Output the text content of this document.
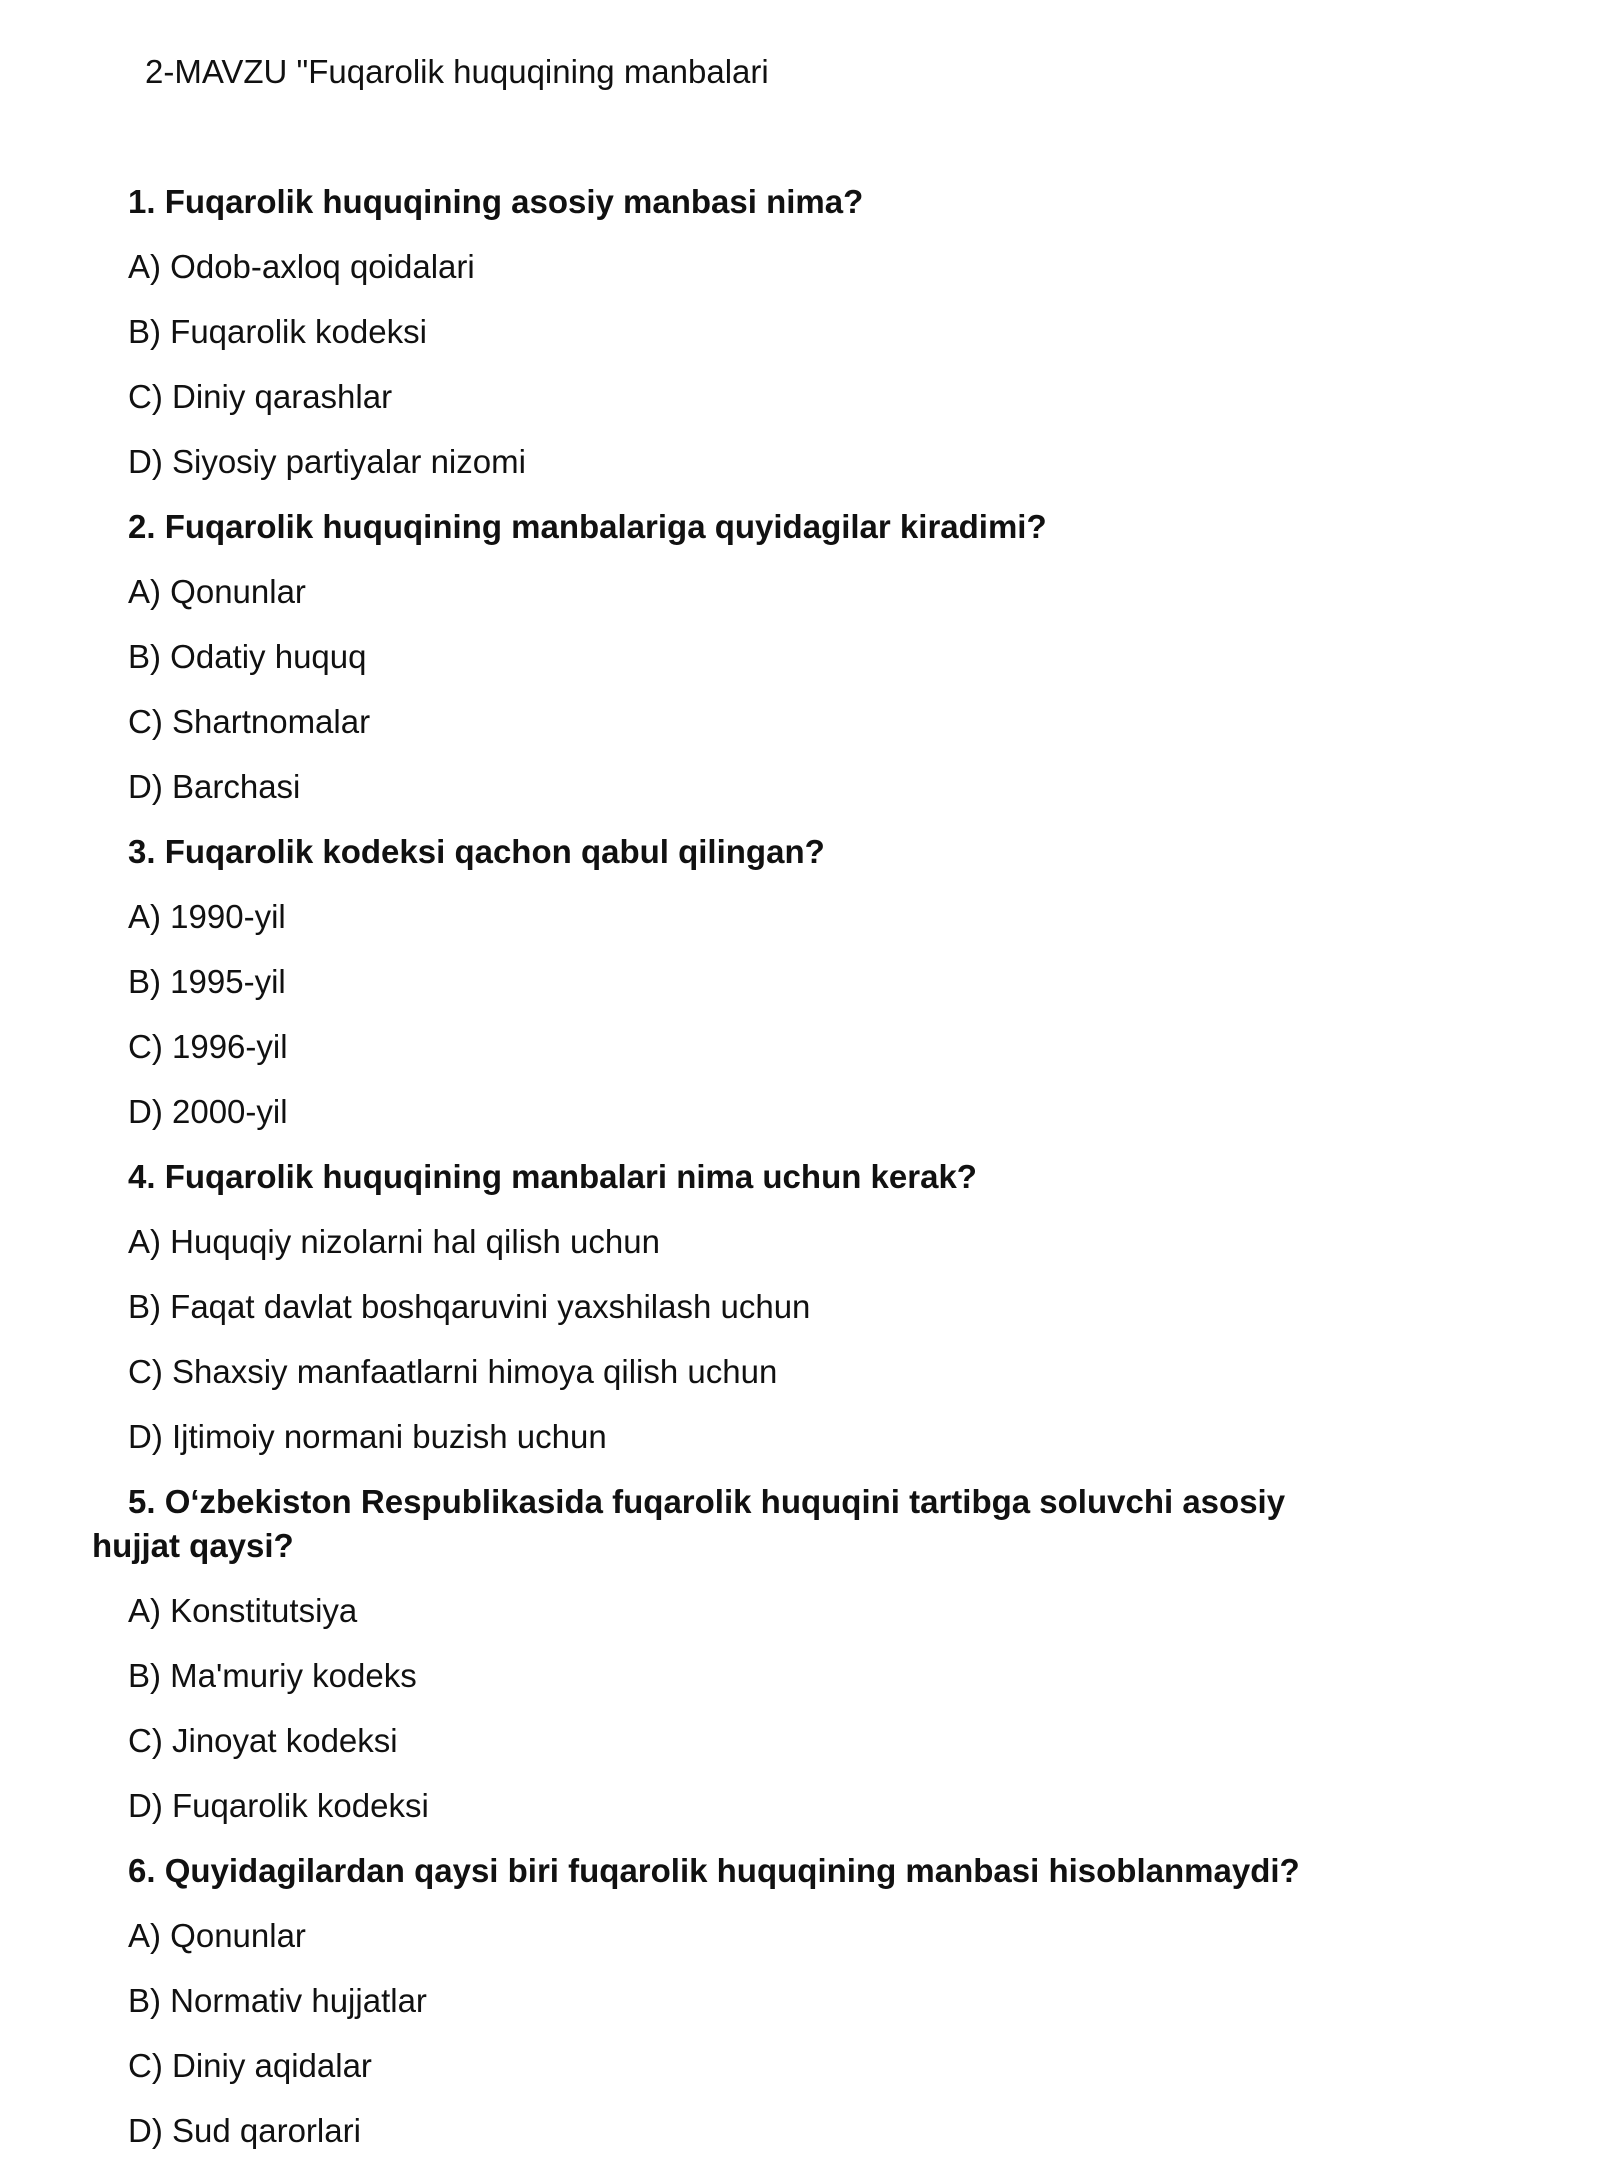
2-MAVZU "Fuqarolik huquqining manbalari

1. Fuqarolik huquqining asosiy manbasi nima?

A) Odob-axloq qoidalari
B) Fuqarolik kodeksi
C) Diniy qarashlar
D) Siyosiy partiyalar nizomi

2. Fuqarolik huquqining manbalariga quyidagilar kiradimi?

A) Qonunlar
B) Odatiy huquq
C) Shartnomalar
D) Barchasi

3. Fuqarolik kodeksi qachon qabul qilingan?

A) 1990-yil
B) 1995-yil
C) 1996-yil
D) 2000-yil

4. Fuqarolik huquqining manbalari nima uchun kerak?

A) Huquqiy nizolarni hal qilish uchun
B) Faqat davlat boshqaruvini yaxshilash uchun
C) Shaxsiy manfaatlarni himoya qilish uchun
D) Ijtimoiy normani buzish uchun

5. O‘zbekiston Respublikasida fuqarolik huquqini tartibga soluvchi asosiy hujjat qaysi?

A) Konstitutsiya
B) Ma'muriy kodeks
C) Jinoyat kodeksi
D) Fuqarolik kodeksi

6. Quyidagilardan qaysi biri fuqarolik huquqining manbasi hisoblanmaydi?

A) Qonunlar
B) Normativ hujjatlar
C) Diniy aqidalar
D) Sud qarorlari
